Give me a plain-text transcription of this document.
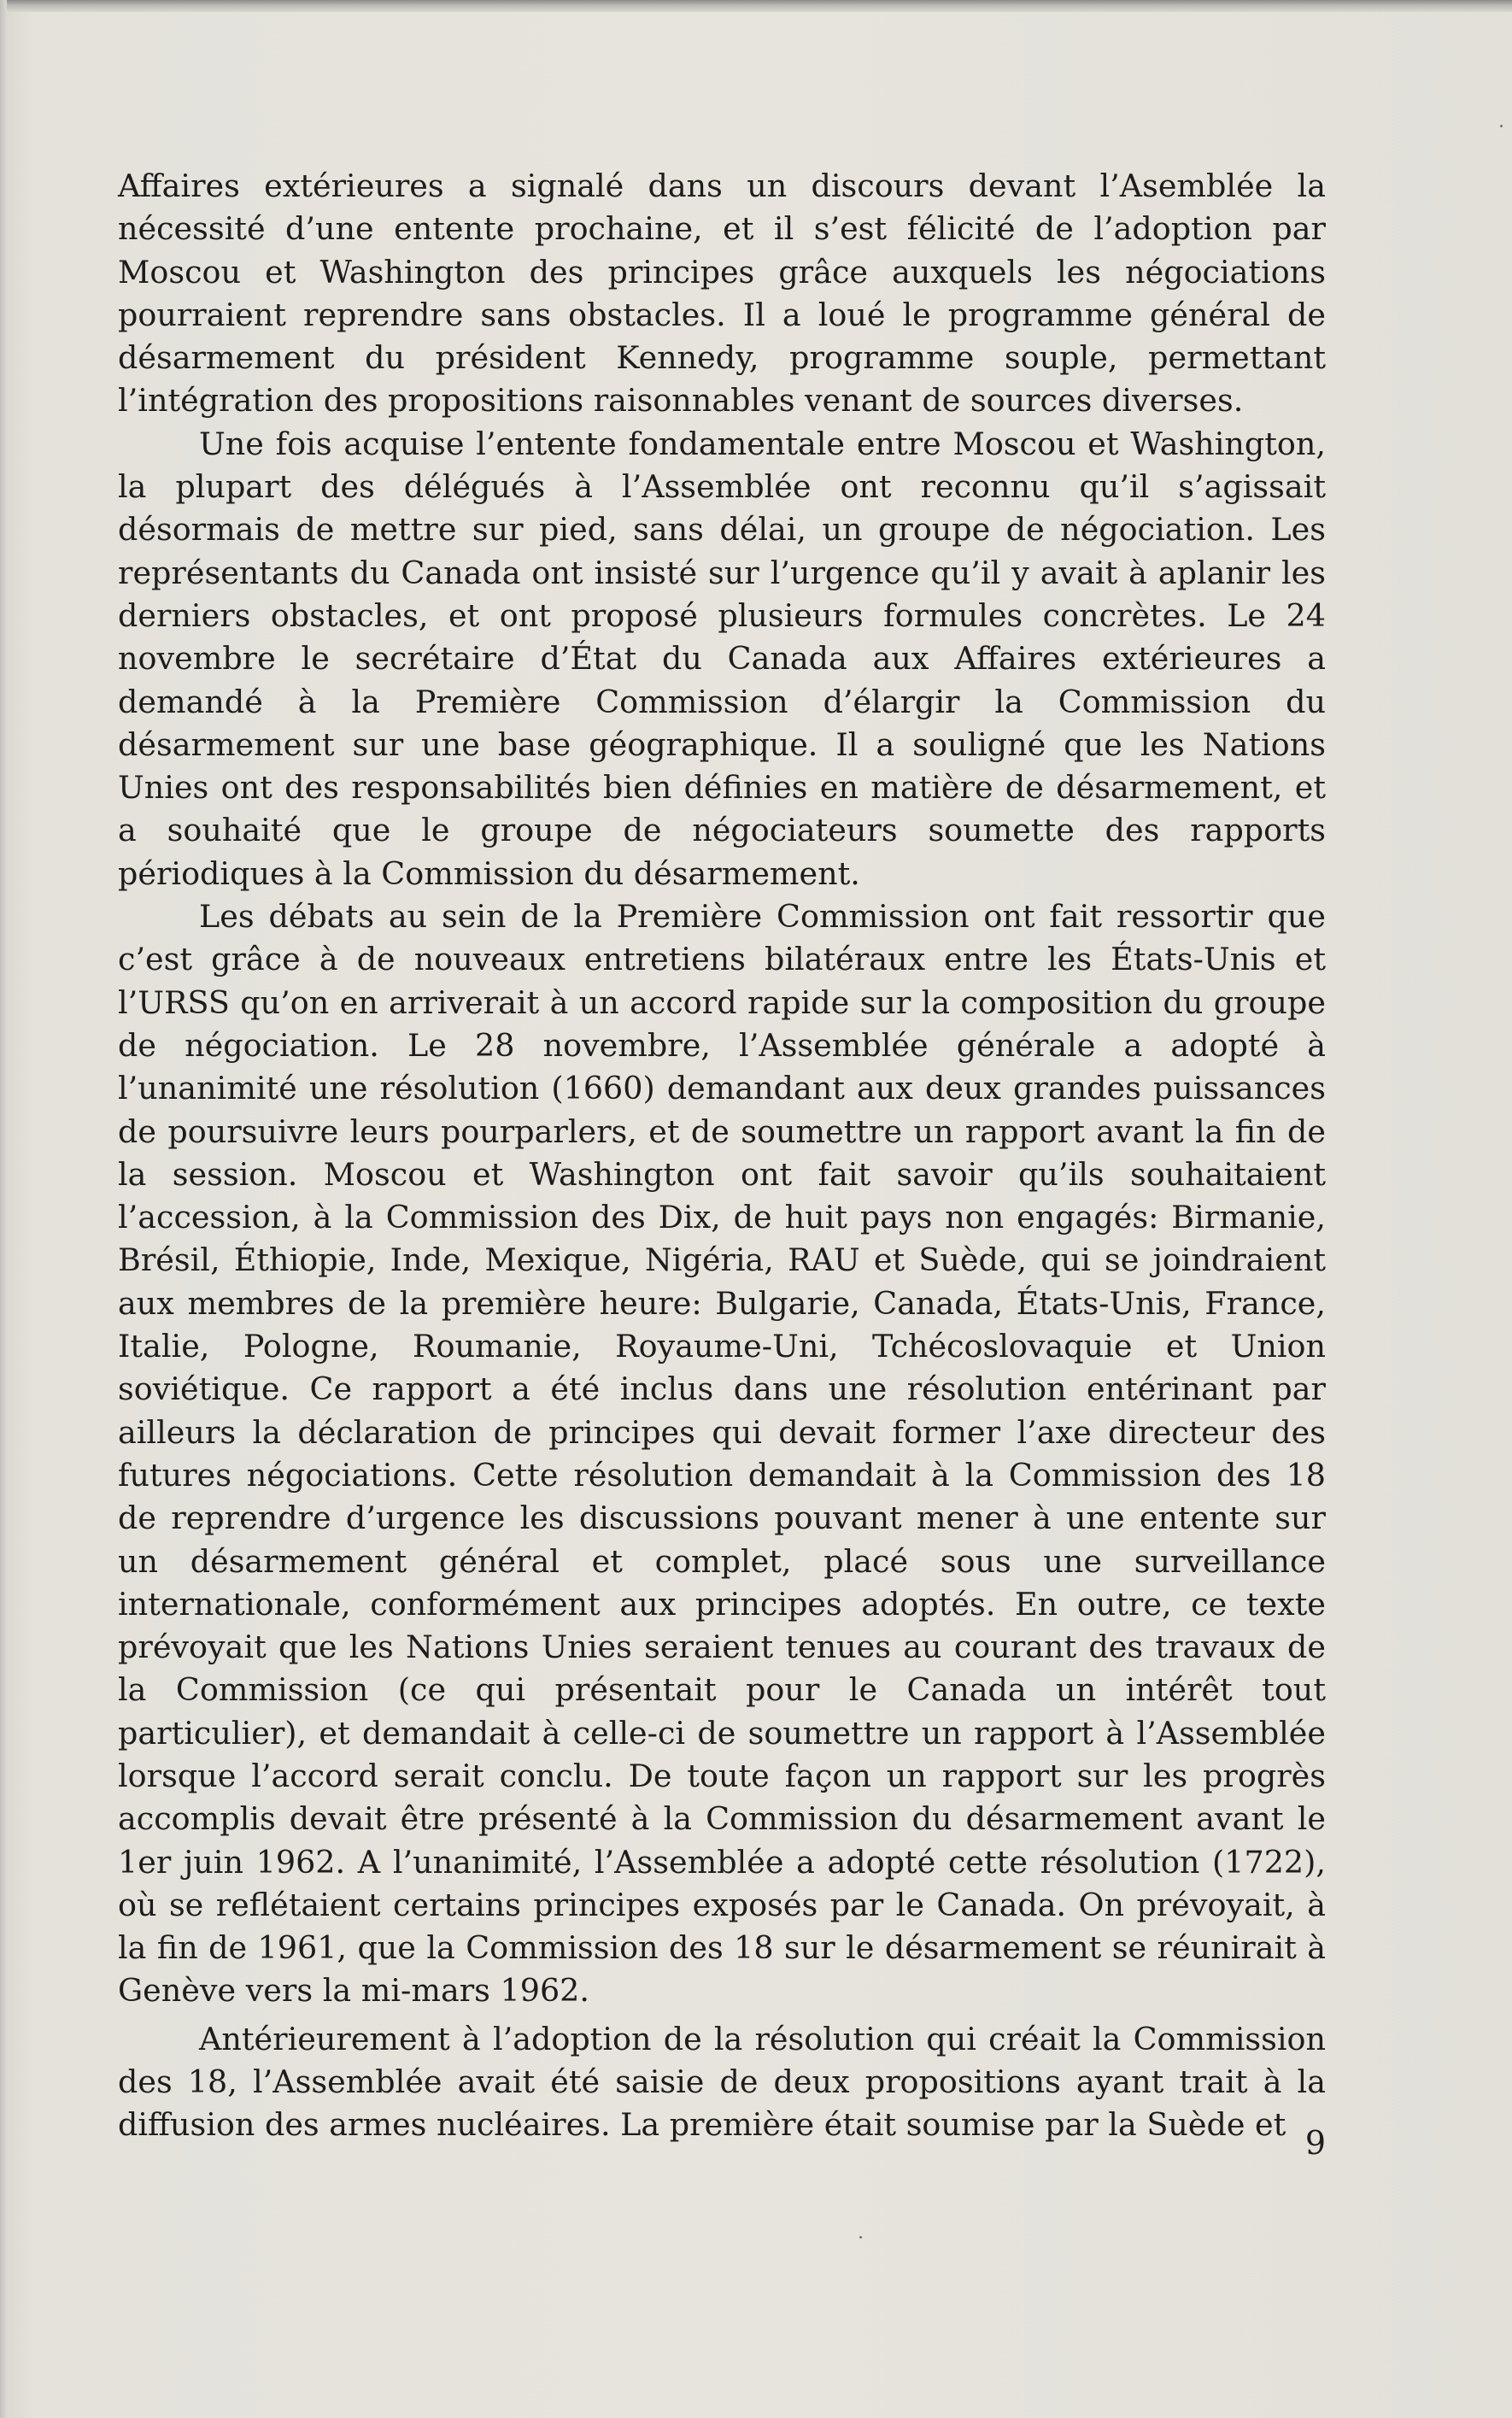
Affaires extérieures a signalé dans un discours devant l’Asemblée la nécessité d’une entente prochaine, et il s’est félicité de l’adoption par Moscou et Washington des principes grâce auxquels les négociations pourraient reprendre sans obstacles. Il a loué le programme général de désarmement du président Kennedy, programme souple, permettant l’intégration des propositions raisonnables venant de sources diverses.

Une fois acquise l’entente fondamentale entre Moscou et Washington, la plupart des délégués à l’Assemblée ont reconnu qu’il s’agissait désormais de mettre sur pied, sans délai, un groupe de négociation. Les représentants du Canada ont insisté sur l’urgence qu’il y avait à aplanir les derniers obstacles, et ont proposé plusieurs formules concrètes. Le 24 novembre le secrétaire d’État du Canada aux Affaires extérieures a demandé à la Première Commission d’élargir la Commission du désarmement sur une base géographique. Il a souligné que les Nations Unies ont des responsabilités bien définies en matière de désarmement, et a souhaité que le groupe de négociateurs soumette des rapports périodiques à la Commission du désarmement.

Les débats au sein de la Première Commission ont fait ressortir que c’est grâce à de nouveaux entretiens bilatéraux entre les États-Unis et l’URSS qu’on en arriverait à un accord rapide sur la composition du groupe de négociation. Le 28 novembre, l’Assemblée générale a adopté à l’unanimité une résolution (1660) demandant aux deux grandes puissances de poursuivre leurs pourparlers, et de soumettre un rapport avant la fin de la session. Moscou et Washington ont fait savoir qu’ils souhaitaient l’accession, à la Commission des Dix, de huit pays non engagés: Birmanie, Brésil, Éthiopie, Inde, Mexique, Nigéria, RAU et Suède, qui se joindraient aux membres de la première heure: Bulgarie, Canada, États-Unis, France, Italie, Pologne, Roumanie, Royaume-Uni, Tchécoslovaquie et Union soviétique. Ce rapport a été inclus dans une résolution entérinant par ailleurs la déclaration de principes qui devait former l’axe directeur des futures négociations. Cette résolution demandait à la Commission des 18 de reprendre d’urgence les discussions pouvant mener à une entente sur un désarmement général et complet, placé sous une surveillance internationale, conformément aux principes adoptés. En outre, ce texte prévoyait que les Nations Unies seraient tenues au courant des travaux de la Commission (ce qui présentait pour le Canada un intérêt tout particulier), et demandait à celle-ci de soumettre un rapport à l’Assemblée lorsque l’accord serait conclu. De toute façon un rapport sur les progrès accomplis devait être présenté à la Commission du désarmement avant le 1er juin 1962. A l’unanimité, l’Assemblée a adopté cette résolution (1722), où se reflétaient certains principes exposés par le Canada. On prévoyait, à la fin de 1961, que la Commission des 18 sur le désarmement se réunirait à Genève vers la mi-mars 1962.

Antérieurement à l’adoption de la résolution qui créait la Commission des 18, l’Assemblée avait été saisie de deux propositions ayant trait à la diffusion des armes nucléaires. La première était soumise par la Suède et 9
